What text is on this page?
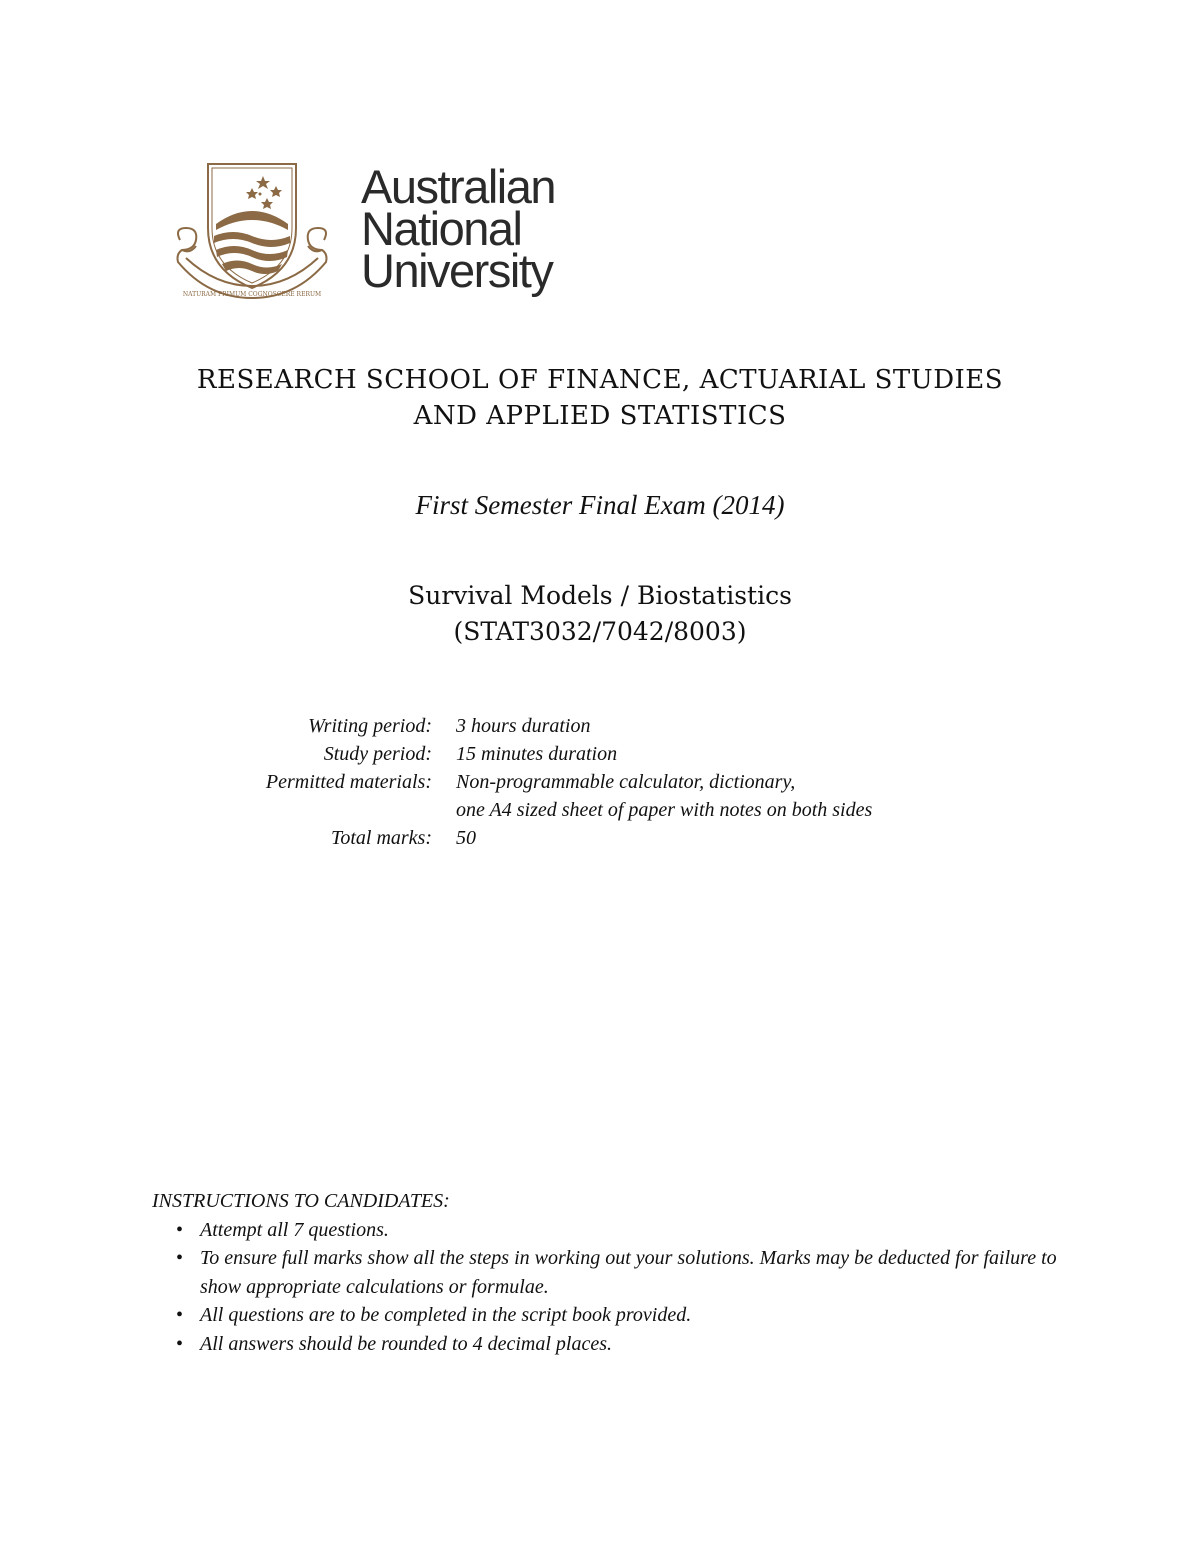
NATURAM PRIMUM COGNOSCERE RERUM
Australian
National
University
RESEARCH SCHOOL OF FINANCE, ACTUARIAL STUDIES
AND APPLIED STATISTICS
First Semester Final Exam (2014)
Survival Models / Biostatistics
(STAT3032/7042/8003)
Writing period: 3 hours duration
Study period: 15 minutes duration
Permitted materials: Non-programmable calculator, dictionary,
one A4 sized sheet of paper with notes on both sides
Total marks: 50
INSTRUCTIONS TO CANDIDATES:
• Attempt all 7 questions.
• To ensure full marks show all the steps in working out your solutions. Marks may be deducted for failure to show appropriate calculations or formulae.
• All questions are to be completed in the script book provided.
• All answers should be rounded to 4 decimal places.
